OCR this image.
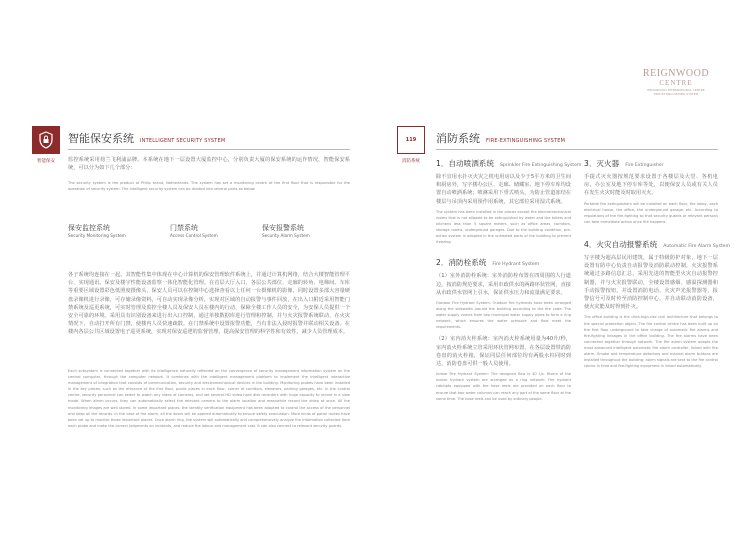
REIGNWOOD
CENTRE
REIGNWOOD INTERNATIONAL CENTRE
FIRE-EXTINGUISHING SYSTEM
智能保安
智能保安系统 INTELLIGENT SECURITY SYSTEM
监控系统采用荷兰飞利浦品牌。本系统在地下一层设置大厦监控中心，分别负责大厦的保安系统的运作情况，智能保安系统，可以分为如下几个部分：
The security system is the product of Philip brand, Netherlands. The system has set a monitoring centre at the first floor that is responsible for the operation of security system. The intelligent security system can be divided into several parts as below:
保安监控系统
Security Monitoring System
门禁系统
Access Control System
保安报警系统
Security Alarm System
各子系统均连接在一起。其智能性集中体现在中心计算机的保安管理软件系统上，并通过计算机网络，结合大楼智能管理平台，实现通讯、保安及楼宇性能设备监察一体化智能化管理。在首层大厅入口、各层公共部位、走廊的转角、电梯间、车库等重要区域设置彩色低照度摄像头，保安人员可以在控制中心选择查看以上任何一台摄像机的影像，同时设置多部大容量硬盘录像机进行录像，可存储录像资料，可自动实现录像分析，实现对区域的自动报警与事件回放，在出入口附近采用智能门禁系统及巡更系统，可实时管理及监控全楼人员及保安人员在楼内的行动，保障全楼工作人员的安全，为安保人员提供一个安全可靠的环境。采用具有识别设备来进行出入口控制，通过单独数据库进行管理和控制，并与火灾报警系统联动，在火灾情况下，自动打开所有门禁，使楼内人员快速疏散。在门禁系统中设置报警功能，当有非法入侵时报警并联动相关设备。在楼内各层公共区域设置电子巡更系统，实现对保安巡逻的监督管理，提高保安管理的科学性和有效性，减少人员管理成本。
Each subsystem is connected together with its intelligence naturally reflected on the convergence of security management information system on the central computer, through the computer network. It combines with the intelligent management platform to implement the intelligent interactive management of integration that consists of communication, security and electromechanical devices in the building. Monitoring probes have been installed in the key places, such as the entrance of the first floor, public places in each floor, corner of corridors, elevators, parking garages, etc. In the control centre, security personnel can select to watch any video of cameras, and set several HD video hard disk recorders with huge capacity to record in a slow mode. When alarm occurs, they can automatically select the relevant camera to the alarm location and meanwhile record the video at once. All the monitoring images are well stored. In some important places, the identity verification equipment has been adopted to control the access of the personnel and keep all the records. In the case of fire alarm, all the doors will be opened automatically to ensure safety evacuation. More kinds of patrol routes have been set up to monitor those important places. Once alarm ring, the system will automatically and comprehensively analyze the information collected from each probe and make the correct judgments on incidents, and reduce the labour and management cost. It can also connect to relevant security guards.
119
消防系统
消防系统 FIRE-EXTINGUISHING SYSTEM
1．自动喷洒系统 Sprinkler Fire Extinguishing System
除不宜用水扑灭火灾之机电用房以及少于5平方米的卫生间和厨房外，写字楼办公区、走廊、储藏室、地下停车库均设置自动喷洒系统；喷淋采用下垂式喷头，为防止管道冻结在楼层与吊顶内采用预作用系统，其它部位采用湿式系统。
The system has been installed in the places except the electromechanical rooms that is not allowed to be extinguished by water and the toilets and kitchens less than 5 square meters, such as office areas, corridors, storage rooms, underground garages. Due to the building condition, pre-action system is adopted in the unheated parts of the building to prevent freezing.
2．消防栓系统 Fire Hydrant System
（1）室外消防栓系统：室外消防栓布置在四周围的人行道边，按消防规范要求，采用市政供水的两路环状管网，直接从市政供水管网上引水，保证供水压力和流量满足要求。
Outdoor Fire Hydrant System: Outdoor fire hydrants have been arranged along the sidewalks around the building according to the fire code. The water supply comes from two municipal water supply pipes to form a ring network, which ensures the water pressure and flow meet the requirements.
（2）室内消火栓系统：室内消火栓系统用量为40升/秒，室内消火栓系统立管采用环状管网布置，在各层设置带消防卷盘的消火栓箱，保证同层任何部位均有两股水柱同时到达，消防卷盘可供一般人员使用。
Indoor Fire Hydrant System: The designed flow is 40 L/s. Risers of the indoor hydrant system are arranged as a ring network. Fire hydrant cabinets equipped with fire hose reels are provided on each floor to ensure that two water columns can reach any part of the same floor at the same time. The hose reels can be used by ordinary people.
3．灭火器 Fire Extinguisher
手提式灭火器按规范要求设置于各楼层及大堂、各机电房、办公室及地下停车库等处，以便保安人员或有关人员在发生火灾时能及时取用灭火。
Portable fire extinguishers will be installed on each floor, the lobby, each electrical house, the office, the underground garage, etc. According to regulations of the fire-fighting so that security guards or relevant persons can take immediate action once fire happens.
4．火灾自动报警系统 Automatic Fire Alarm System
写字楼为超高层民用建筑，属于特级防护对象，地下一层设置有防中心负责自动报警及消防联动控制。火灾报警系统通过多路信息汇总，采用先进的智能型火灾自动报警控制器，并与火灾报警联动，全楼设置感烟、感温探测器和手动报警按钮，并设置消防电话、火灾声光报警器等，报警信号可及时传至消防控制中心，并自动联动消防设备，使火灾能及时得到扑灭。
The office building is the ultra-high-rise civil architecture that belongs to the special protection object. The fire control centre has been built up on the first floor underground to take charge of automatic fire alarms and fire-fighting linkages in the office building. The fire alarms have been connected together through network. The fire alarm system adopts the most advanced intelligent automatic fire alarm controller, linked with fire alarm. Smoke and temperature detectors and manual alarm buttons are installed throughout the building; alarm signals are sent to the fire control centre in time and fire-fighting equipment is linked automatically.
